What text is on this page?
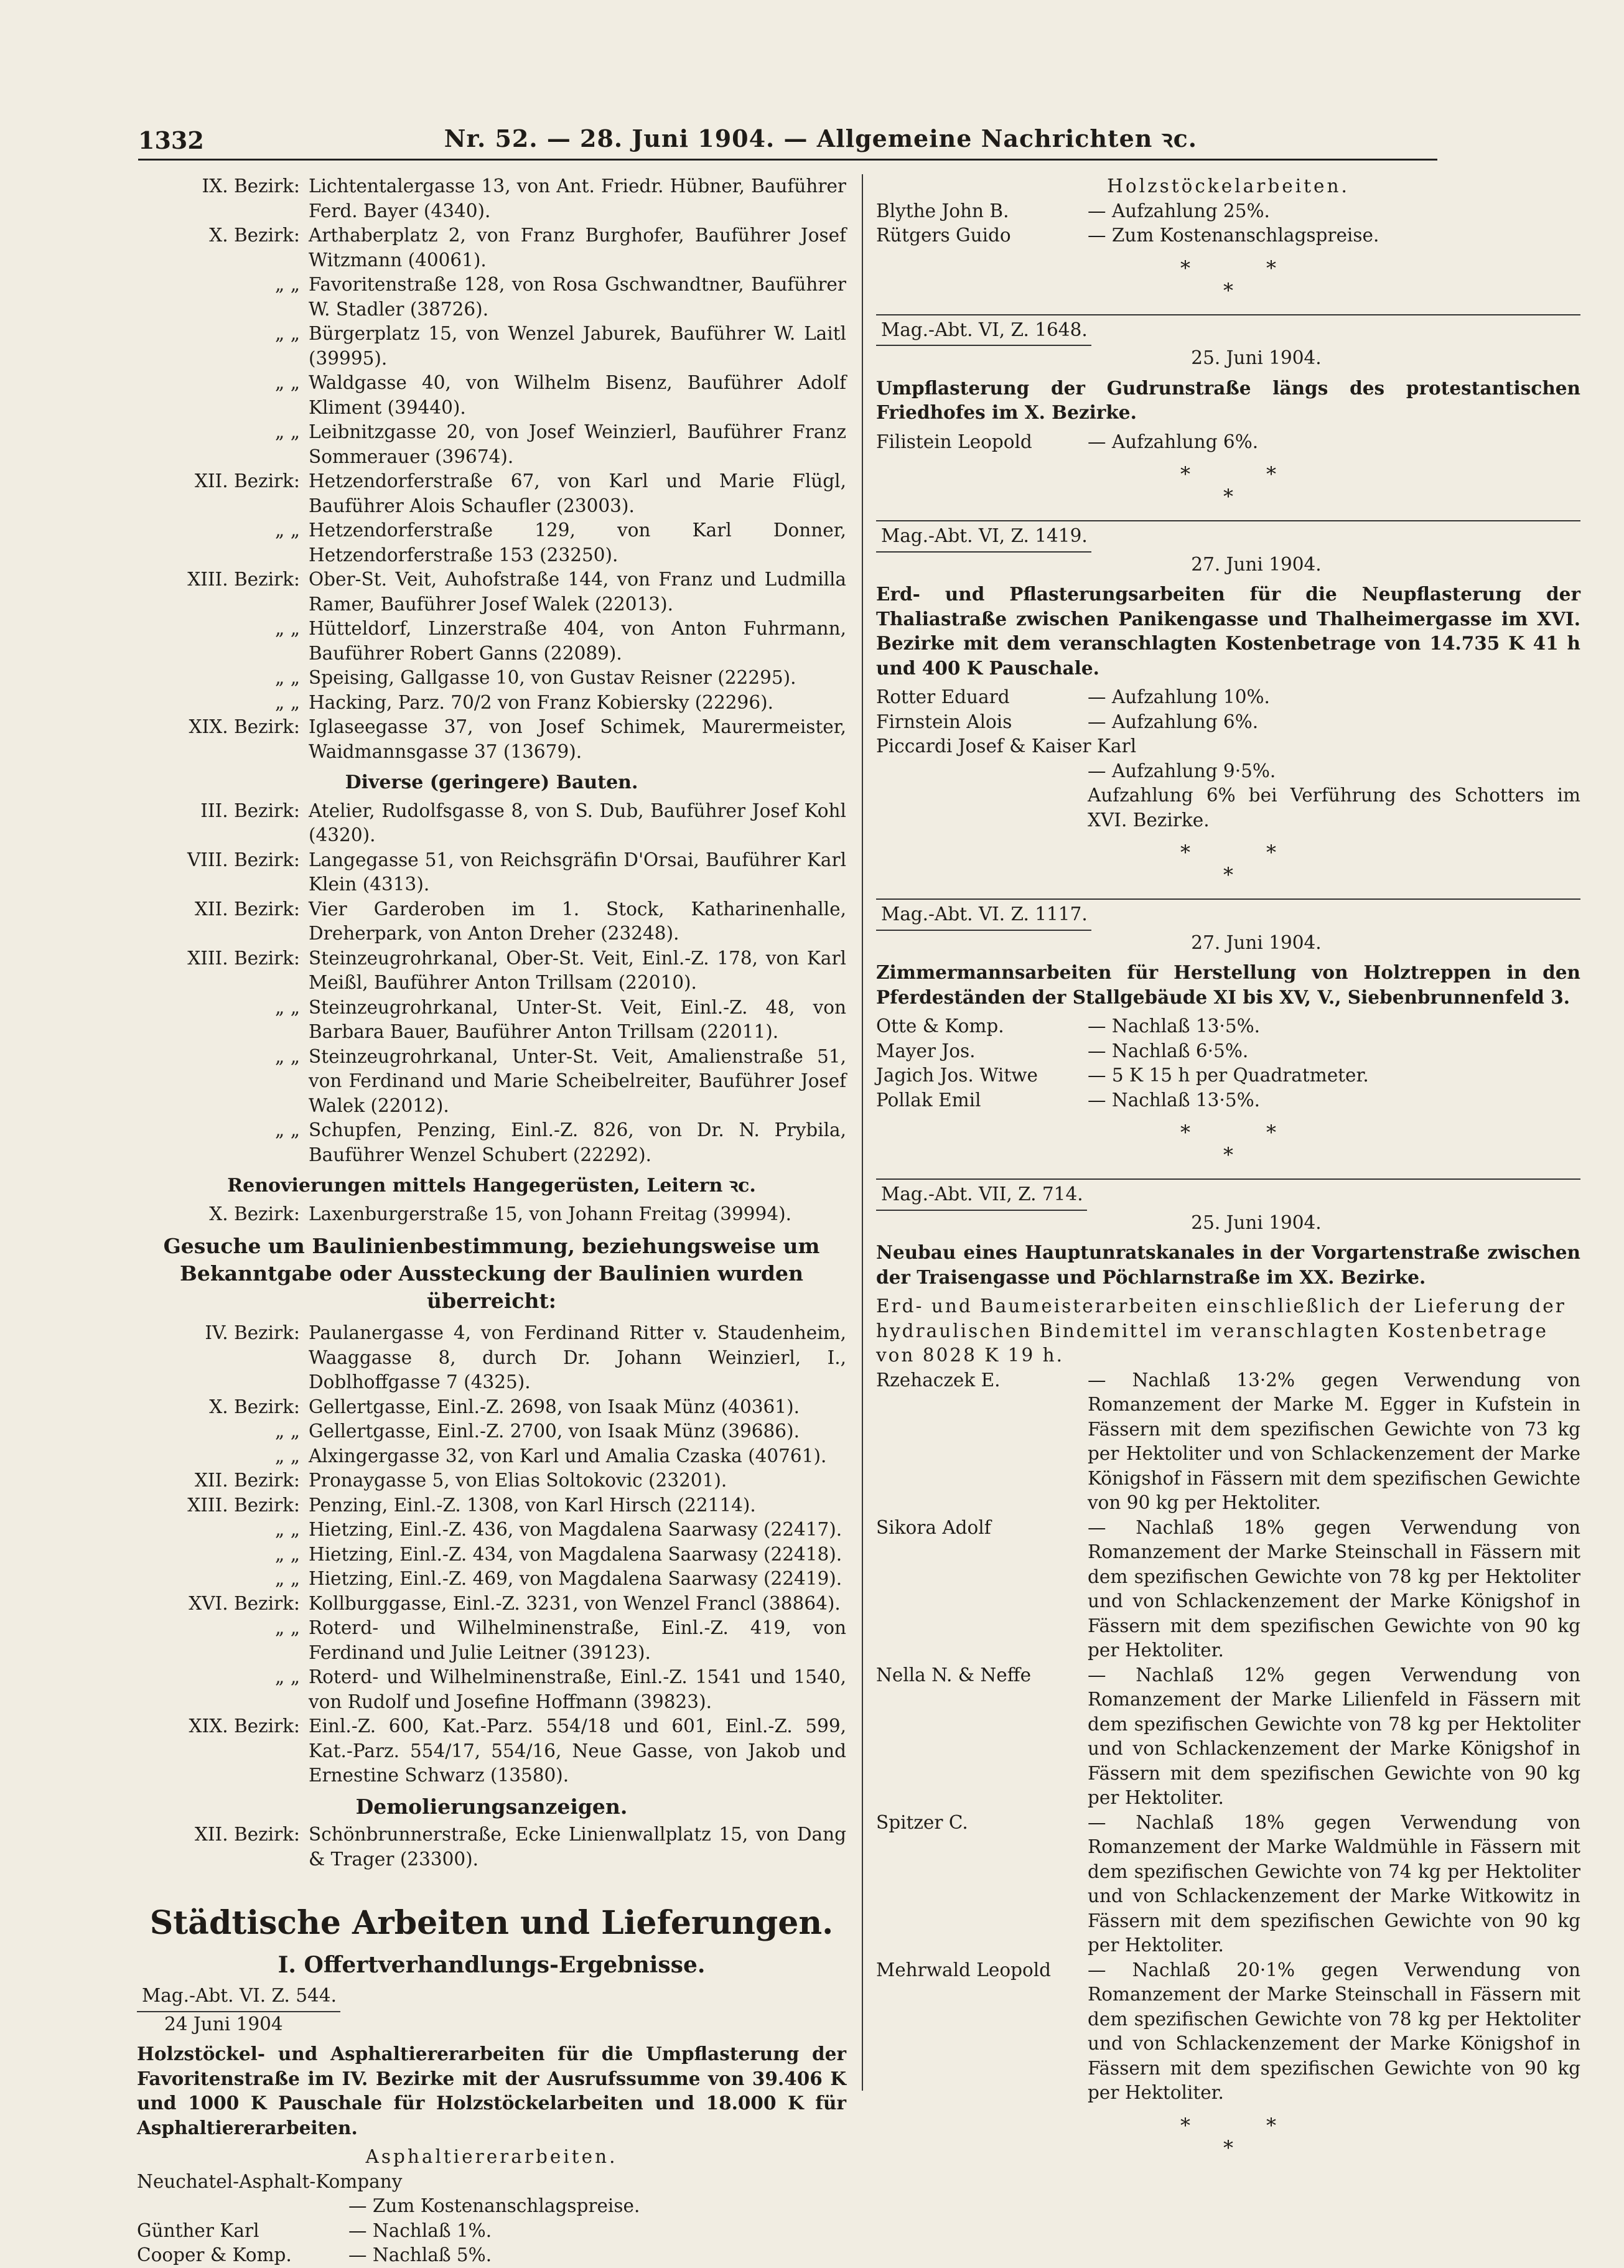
1332	Nr. 52. — 28. Juni 1904. — Allgemeine Nachrichten ꝛc.
IX. Bezirk: Lichtentalergasse 13, von Ant. Friedr. Hübner, Bauführer Ferd. Bayer (4340).
X. Bezirk: Arthaberplatz 2, von Franz Burghofer, Bauführer Josef Witzmann (40061).
„ „ Favoritenstraße 128, von Rosa Gschwandtner, Bauführer W. Stadler (38726).
„ „ Bürgerplatz 15, von Wenzel Jaburek, Bauführer W. Laitl (39995).
„ „ Waldgasse 40, von Wilhelm Bisenz, Bauführer Adolf Kliment (39440).
„ „ Leibnitzgasse 20, von Josef Weinzierl, Bauführer Franz Sommerauer (39674).
XII. Bezirk: Hetzendorferstraße 67, von Karl und Marie Flügl, Bauführer Alois Schaufler (23003).
„ „ Hetzendorferstraße 129, von Karl Donner, Hetzendorferstraße 153 (23250).
XIII. Bezirk: Ober-St. Veit, Auhofstraße 144, von Franz und Ludmilla Ramer, Bauführer Josef Walek (22013).
„ „ Hütteldorf, Linzerstraße 404, von Anton Fuhrmann, Bauführer Robert Ganns (22089).
„ „ Speising, Gallgasse 10, von Gustav Reisner (22295).
„ „ Hacking, Parz. 70/2 von Franz Kobiersky (22296).
XIX. Bezirk: Iglaseegasse 37, von Josef Schimek, Maurermeister, Waidmannsgasse 37 (13679).
Diverse (geringere) Bauten.
III. Bezirk: Atelier, Rudolfsgasse 8, von S. Dub, Bauführer Josef Kohl (4320).
VIII. Bezirk: Langegasse 51, von Reichsgräfin D'Orsai, Bauführer Karl Klein (4313).
XII. Bezirk: Vier Garderoben im 1. Stock, Katharinenhalle, Dreherpark, von Anton Dreher (23248).
XIII. Bezirk: Steinzeugrohrkanal, Ober-St. Veit, Einl.-Z. 178, von Karl Meißl, Bauführer Anton Trillsam (22010).
„ „ Steinzeugrohrkanal, Unter-St. Veit, Einl.-Z. 48, von Barbara Bauer, Bauführer Anton Trillsam (22011).
„ „ Steinzeugrohrkanal, Unter-St. Veit, Amalienstraße 51, von Ferdinand und Marie Scheibelreiter, Bauführer Josef Walek (22012).
„ „ Schupfen, Penzing, Einl.-Z. 826, von Dr. N. Prybila, Bauführer Wenzel Schubert (22292).
Renovierungen mittels Hangegerüsten, Leitern ꝛc.
X. Bezirk: Laxenburgerstraße 15, von Johann Freitag (39994).
Gesuche um Baulinienbestimmung, beziehungsweise um Bekanntgabe oder Aussteckung der Baulinien wurden überreicht:
IV. Bezirk: Paulanergasse 4, von Ferdinand Ritter v. Staudenheim, Waaggasse 8, durch Dr. Johann Weinzierl, I., Doblhoffgasse 7 (4325).
X. Bezirk: Gellertgasse, Einl.-Z. 2698, von Isaak Münz (40361).
„ „ Gellertgasse, Einl.-Z. 2700, von Isaak Münz (39686).
„ „ Alxingergasse 32, von Karl und Amalia Czaska (40761).
XII. Bezirk: Pronaygasse 5, von Elias Soltokovic (23201).
XIII. Bezirk: Penzing, Einl.-Z. 1308, von Karl Hirsch (22114).
„ „ Hietzing, Einl.-Z. 436, von Magdalena Saarwasy (22417).
„ „ Hietzing, Einl.-Z. 434, von Magdalena Saarwasy (22418).
„ „ Hietzing, Einl.-Z. 469, von Magdalena Saarwasy (22419).
XVI. Bezirk: Kollburggasse, Einl.-Z. 3231, von Wenzel Francl (38864).
„ „ Roterd- und Wilhelminenstraße, Einl.-Z. 419, von Ferdinand und Julie Leitner (39123).
„ „ Roterd- und Wilhelminenstraße, Einl.-Z. 1541 und 1540, von Rudolf und Josefine Hoffmann (39823).
XIX. Bezirk: Einl.-Z. 600, Kat.-Parz. 554/18 und 601, Einl.-Z. 599, Kat.-Parz. 554/17, 554/16, Neue Gasse, von Jakob und Ernestine Schwarz (13580).
Demolierungsanzeigen.
XII. Bezirk: Schönbrunnerstraße, Ecke Linienwallplatz 15, von Dang & Trager (23300).
Städtische Arbeiten und Lieferungen.
I. Offertverhandlungs-Ergebnisse.
Mag.-Abt. VI. Z. 544.
24 Juni 1904
Holzstöckel- und Asphaltiererarbeiten für die Umpflasterung der Favoritenstraße im IV. Bezirke mit der Ausrufssumme von 39.406 K und 1000 K Pauschale für Holzstöckelarbeiten und 18.000 K für Asphaltiererarbeiten.
Asphaltiererarbeiten.
Neuchatel-Asphalt-Kompany
— Zum Kostenanschlagspreise.
Günther Karl	— Nachlaß 1%.
Cooper & Komp.	— Nachlaß 5%.
Holzstöckelarbeiten.
Blythe John B.	— Aufzahlung 25%.
Rütgers Guido	— Zum Kostenanschlagspreise.
*	*
*
Mag.-Abt. VI, Z. 1648.
25. Juni 1904.
Umpflasterung der Gudrunstraße längs des protestantischen Friedhofes im X. Bezirke.
Filistein Leopold	— Aufzahlung 6%.
*	*
*
Mag.-Abt. VI, Z. 1419.
27. Juni 1904.
Erd- und Pflasterungsarbeiten für die Neupflasterung der Thaliastraße zwischen Panikengasse und Thalheimergasse im XVI. Bezirke mit dem veranschlagten Kostenbetrage von 14.735 K 41 h und 400 K Pauschale.
Rotter Eduard	— Aufzahlung 10%.
Firnstein Alois	— Aufzahlung 6%.
Piccardi Josef & Kaiser Karl
— Aufzahlung 9·5%.
Aufzahlung 6% bei Verführung des Schotters im XVI. Bezirke.
*	*
*
Mag.-Abt. VI. Z. 1117.
27. Juni 1904.
Zimmermannsarbeiten für Herstellung von Holztreppen in den Pferdeständen der Stallgebäude XI bis XV, V., Siebenbrunnenfeld 3.
Otte & Komp.	— Nachlaß 13·5%.
Mayer Jos.	— Nachlaß 6·5%.
Jagich Jos. Witwe	— 5 K 15 h per Quadratmeter.
Pollak Emil	— Nachlaß 13·5%.
*	*
*
Mag.-Abt. VII, Z. 714.
25. Juni 1904.
Neubau eines Hauptunratskanales in der Vorgartenstraße zwischen der Traisengasse und Pöchlarnstraße im XX. Bezirke.
Erd- und Baumeisterarbeiten einschließlich der Lieferung der hydraulischen Bindemittel im veranschlagten Kostenbetrage von 8028 K 19 h.
Rzehaczek E.	— Nachlaß 13·2% gegen Verwendung von Romanzement der Marke M. Egger in Kufstein in Fässern mit dem spezifischen Gewichte von 73 kg per Hektoliter und von Schlackenzement der Marke Königshof in Fässern mit dem spezifischen Gewichte von 90 kg per Hektoliter.
Sikora Adolf	— Nachlaß 18% gegen Verwendung von Romanzement der Marke Steinschall in Fässern mit dem spezifischen Gewichte von 78 kg per Hektoliter und von Schlackenzement der Marke Königshof in Fässern mit dem spezifischen Gewichte von 90 kg per Hektoliter.
Nella N. & Neffe	— Nachlaß 12% gegen Verwendung von Romanzement der Marke Lilienfeld in Fässern mit dem spezifischen Gewichte von 78 kg per Hektoliter und von Schlackenzement der Marke Königshof in Fässern mit dem spezifischen Gewichte von 90 kg per Hektoliter.
Spitzer C.	— Nachlaß 18% gegen Verwendung von Romanzement der Marke Waldmühle in Fässern mit dem spezifischen Gewichte von 74 kg per Hektoliter und von Schlackenzement der Marke Witkowitz in Fässern mit dem spezifischen Gewichte von 90 kg per Hektoliter.
Mehrwald Leopold	— Nachlaß 20·1% gegen Verwendung von Romanzement der Marke Steinschall in Fässern mit dem spezifischen Gewichte von 78 kg per Hektoliter und von Schlackenzement der Marke Königshof in Fässern mit dem spezifischen Gewichte von 90 kg per Hektoliter.
*	*
*
